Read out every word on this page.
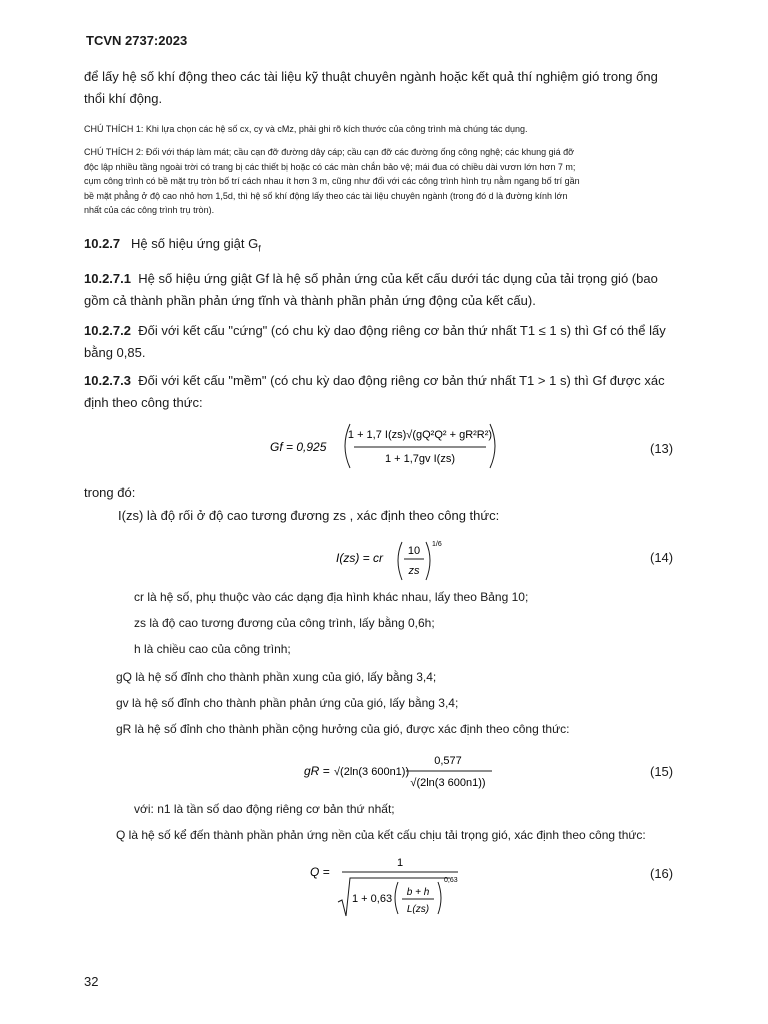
TCVN 2737:2023
để lấy hệ số khí động theo các tài liệu kỹ thuật chuyên ngành hoặc kết quả thí nghiệm gió trong ống
thổi khí động.
CHÚ THÍCH 1: Khi lựa chọn các hệ số cx, cy và cMz, phải ghi rõ kích thước của công trình mà chúng tác dụng.
CHÚ THÍCH 2: Đối với tháp làm mát; cầu cạn đỡ đường dây cáp; cầu cạn đỡ các đường ống công nghệ; các khung giá đỡ
độc lập nhiều tầng ngoài trời có trang bị các thiết bị hoặc có các màn chắn bảo vệ; mái đua có chiều dài vươn lớn hơn 7 m;
cụm công trình có bề mặt trụ tròn bố trí cách nhau ít hơn 3 m, cũng như đối với các công trình hình trụ nằm ngang bố trí gần
bề mặt phẳng ở độ cao nhỏ hơn 1,5d, thì hệ số khí động lấy theo các tài liệu chuyên ngành (trong đó d là đường kính lớn
nhất của các công trình trụ tròn).
10.2.7 Hệ số hiệu ứng giật $G_f$
10.2.7.1 Hệ số hiệu ứng giật Gf là hệ số phản ứng của kết cấu dưới tác dụng của tải trọng gió (bao
gồm cả thành phần phản ứng tĩnh và thành phần phản ứng động của kết cấu).
10.2.7.2 Đối với kết cấu "cứng" (có chu kỳ dao động riêng cơ bản thứ nhất T1 ≤ 1 s) thì Gf có thể lấy
bằng 0,85.
10.2.7.3 Đối với kết cấu "mềm" (có chu kỳ dao động riêng cơ bản thứ nhất T1 > 1 s) thì Gf được xác
định theo công thức:
Gf = 0,925
1 + 1,7 I(zs)√(gQ²Q² + gR²R²)
1 + 1,7gv I(zs)
(13)
trong đó:
I(zs) là độ rối ở độ cao tương đương zs , xác định theo công thức:
I(zs) = cr 10
zs
1/6
(14)
cr là hệ số, phụ thuộc vào các dạng địa hình khác nhau, lấy theo Bảng 10;
zs là độ cao tương đương của công trình, lấy bằng 0,6h;
h là chiều cao của công trình;
gQ là hệ số đỉnh cho thành phần xung của gió, lấy bằng 3,4;
gv là hệ số đỉnh cho thành phần phản ứng của gió, lấy bằng 3,4;
gR là hệ số đỉnh cho thành phần cộng hưởng của gió, được xác định theo công thức:
gR = √(2ln(3 600n1))
0,577
√(2ln(3 600n1))
(15)
với: n1 là tần số dao động riêng cơ bản thứ nhất;
Q là hệ số kể đến thành phần phản ứng nền của kết cấu chịu tải trọng gió, xác định theo công thức:
Q =
1
1 + 0,63
b + h
L(zs)
0,63	(16)
32
